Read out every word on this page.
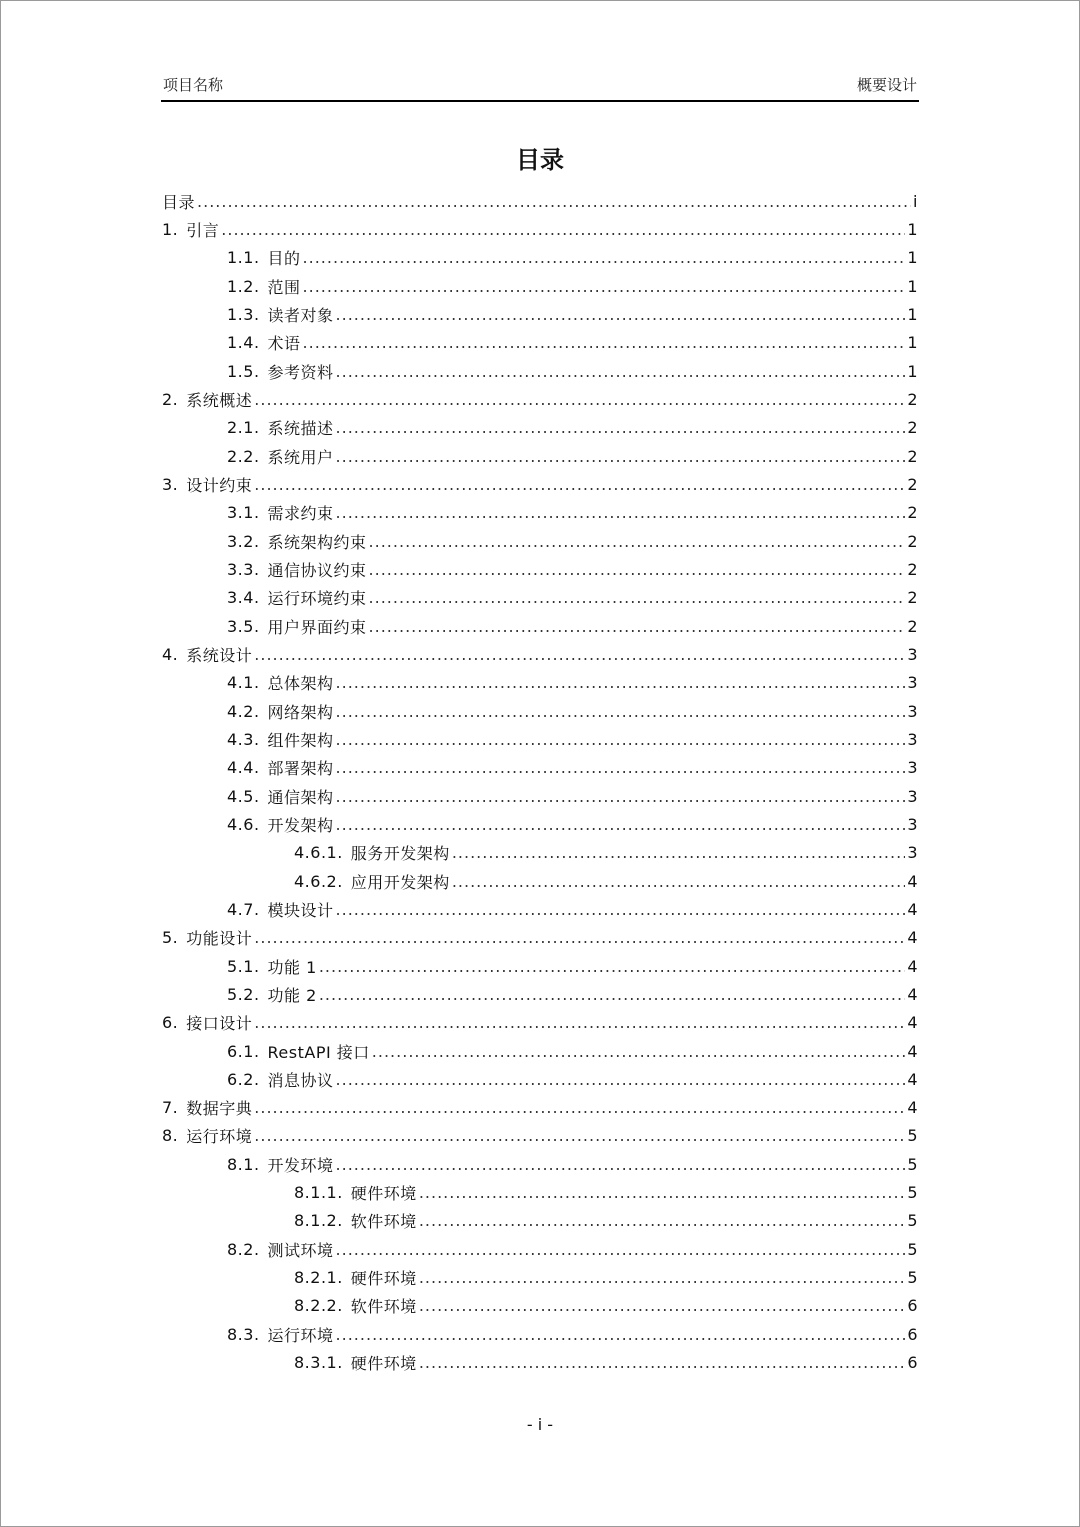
项目名称	概要设计
目录
目录 .....	i
1. 引言 .....	1
1.1. 目的 .....	1
1.2. 范围 .....	1
1.3. 读者对象 .....	1
1.4. 术语 .....	1
1.5. 参考资料 .....	1
2. 系统概述 .....	2
2.1. 系统描述 .....	2
2.2. 系统用户 .....	2
3. 设计约束 .....	2
3.1. 需求约束 .....	2
3.2. 系统架构约束 .....	2
3.3. 通信协议约束 .....	2
3.4. 运行环境约束 .....	2
3.5. 用户界面约束 .....	2
4. 系统设计 .....	3
4.1. 总体架构 .....	3
4.2. 网络架构 .....	3
4.3. 组件架构 .....	3
4.4. 部署架构 .....	3
4.5. 通信架构 .....	3
4.6. 开发架构 .....	3
4.6.1. 服务开发架构 .....	3
4.6.2. 应用开发架构 .....	4
4.7. 模块设计 .....	4
5. 功能设计 .....	4
5.1. 功能 1 .....	4
5.2. 功能 2 .....	4
6. 接口设计 .....	4
6.1. RestAPI 接口 .....	4
6.2. 消息协议 .....	4
7. 数据字典 .....	4
8. 运行环境 .....	5
8.1. 开发环境 .....	5
8.1.1. 硬件环境 .....	5
8.1.2. 软件环境 .....	5
8.2. 测试环境 .....	5
8.2.1. 硬件环境 .....	5
8.2.2. 软件环境 .....	6
8.3. 运行环境 .....	6
8.3.1. 硬件环境 .....	6
- i -
